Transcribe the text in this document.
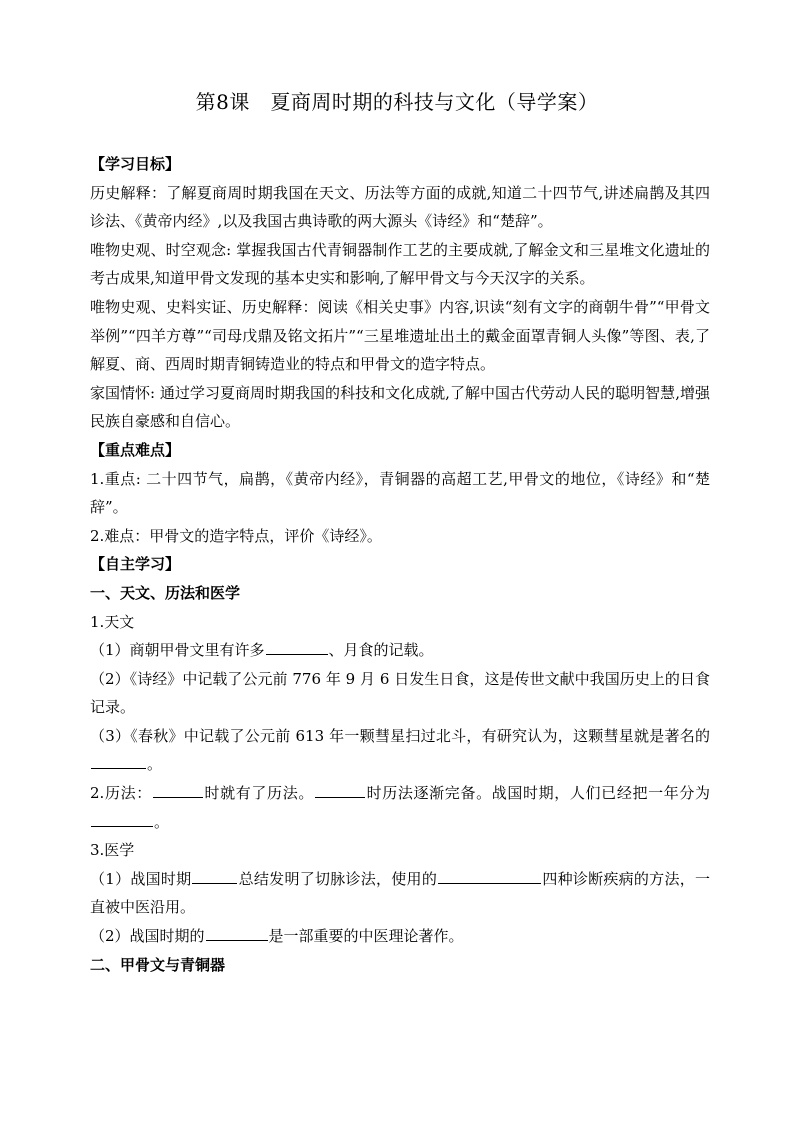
第8课　夏商周时期的科技与文化（导学案）

【学习目标】

历史解释：了解夏商周时期我国在天文、历法等方面的成就,知道二十四节气,讲述扁鹊及其四诊法、《黄帝内经》,以及我国古典诗歌的两大源头《诗经》和“楚辞”。

唯物史观、时空观念: 掌握我国古代青铜器制作工艺的主要成就,了解金文和三星堆文化遗址的考古成果,知道甲骨文发现的基本史实和影响,了解甲骨文与今天汉字的关系。

唯物史观、史料实证、历史解释：阅读《相关史事》内容,识读“刻有文字的商朝牛骨”“甲骨文举例”“四羊方尊”“司母戊鼎及铭文拓片”“三星堆遗址出土的戴金面罩青铜人头像”等图、表,了解夏、商、西周时期青铜铸造业的特点和甲骨文的造字特点。

家国情怀: 通过学习夏商周时期我国的科技和文化成就,了解中国古代劳动人民的聪明智慧,增强民族自豪感和自信心。

【重点难点】

1.重点: 二十四节气，扁鹊，《黄帝内经》，青铜器的高超工艺,甲骨文的地位，《诗经》和“楚辞”。

2.难点：甲骨文的造字特点，评价《诗经》。

【自主学习】

一、天文、历法和医学

1.天文

（1）商朝甲骨文里有许多	、月食的记载。

（2）《诗经》中记载了公元前 776 年 9 月 6 日发生日食，这是传世文献中我国历史上的日食记录。

（3）《春秋》中记载了公元前 613 年一颗彗星扫过北斗，有研究认为，这颗彗星就是著名的。

2.历法：	时就有了历法。	时历法逐渐完备。战国时期，人们已经把一年分为。

3.医学

（1）战国时期	总结发明了切脉诊法，使用的	四种诊断疾病的方法，一直被中医沿用。

（2）战国时期的	是一部重要的中医理论著作。

二、甲骨文与青铜器
